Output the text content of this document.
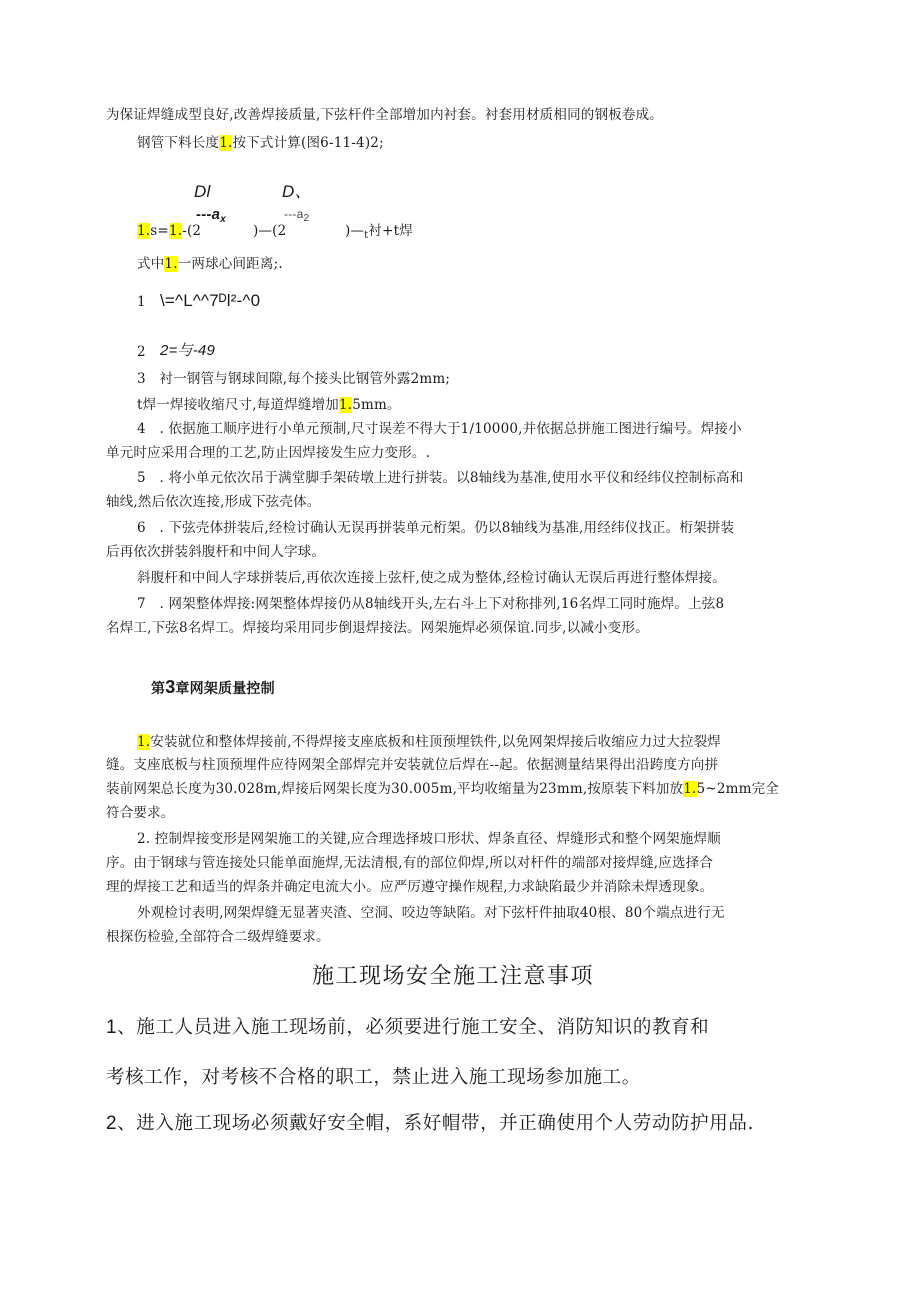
为保证焊缝成型良好,改善焊接质量,下弦杆件全部增加内衬套。衬套用材质相同的钢板卷成。
钢管下料长度1.按下式计算(图6-11-4)2;
Dl	D、
$---a_x$	$---a_2$
1.s=1.-(2	)—(2	)$—_t$衬+t焊
式中1.一两球心间距离;.
1 \=^L^^7ᴰl²-^0
2 2=与-49
3　衬一钢管与钢球间隙,每个接头比钢管外露2mm;
t焊一焊接收缩尺寸,每道焊缝增加1.5mm。
4　. 依据施工顺序进行小单元预制,尺寸误差不得大于1/10000,并依据总拼施工图进行编号。焊接小
单元时应采用合理的工艺,防止因焊接发生应力变形。.
5　. 将小单元依次吊于满堂脚手架砖墩上进行拼装。以8轴线为基准,使用水平仪和经纬仪控制标高和
轴线,然后依次连接,形成下弦壳体。
6　. 下弦壳体拼装后,经检讨确认无误再拼装单元桁架。仍以8轴线为基准,用经纬仪找正。桁架拼装
后再依次拼装斜腹杆和中间人字球。
斜腹杆和中间人字球拼装后,再依次连接上弦杆,使之成为整体,经检讨确认无误后再进行整体焊接。
7　. 网架整体焊接:网架整体焊接仍从8轴线开头,左右斗上下对称排列,16名焊工同时施焊。上弦8
名焊工,下弦8名焊工。焊接均采用同步倒退焊接法。网架施焊必须保谊.同步,以减小变形。
第3章网架质量控制
1.安装就位和整体焊接前,不得焊接支座底板和柱顶预埋铁件,以免网架焊接后收缩应力过大拉裂焊
缝。支座底板与柱顶预埋件应待网架全部焊完并安装就位后焊在--起。依据测量结果得出沿跨度方向拼
装前网架总长度为30.028m,焊接后网架长度为30.005m,平均收缩量为23mm,按原装下料加放1.5~2mm完全
符合要求。
2. 控制焊接变形是网架施工的关键,应合理选择坡口形状、焊条直径、焊缝形式和整个网架施焊顺
序。由于钢球与管连接处只能单面施焊,无法清根,有的部位仰焊,所以对杆件的端部对接焊缝,应选择合
理的焊接工艺和适当的焊条并确定电流大小。应严厉遵守操作规程,力求缺陷最少并消除未焊透现象。
外观检讨表明,网架焊缝无显著夹渣、空洞、咬边等缺陷。对下弦杆件抽取40根、80个端点进行无
根探伤检验,全部符合二级焊缝要求。
施工现场安全施工注意事项
1、施工人员进入施工现场前，必须要进行施工安全、消防知识的教育和
考核工作，对考核不合格的职工，禁止进入施工现场参加施工。
2、进入施工现场必须戴好安全帽，系好帽带，并正确使用个人劳动防护用品.
